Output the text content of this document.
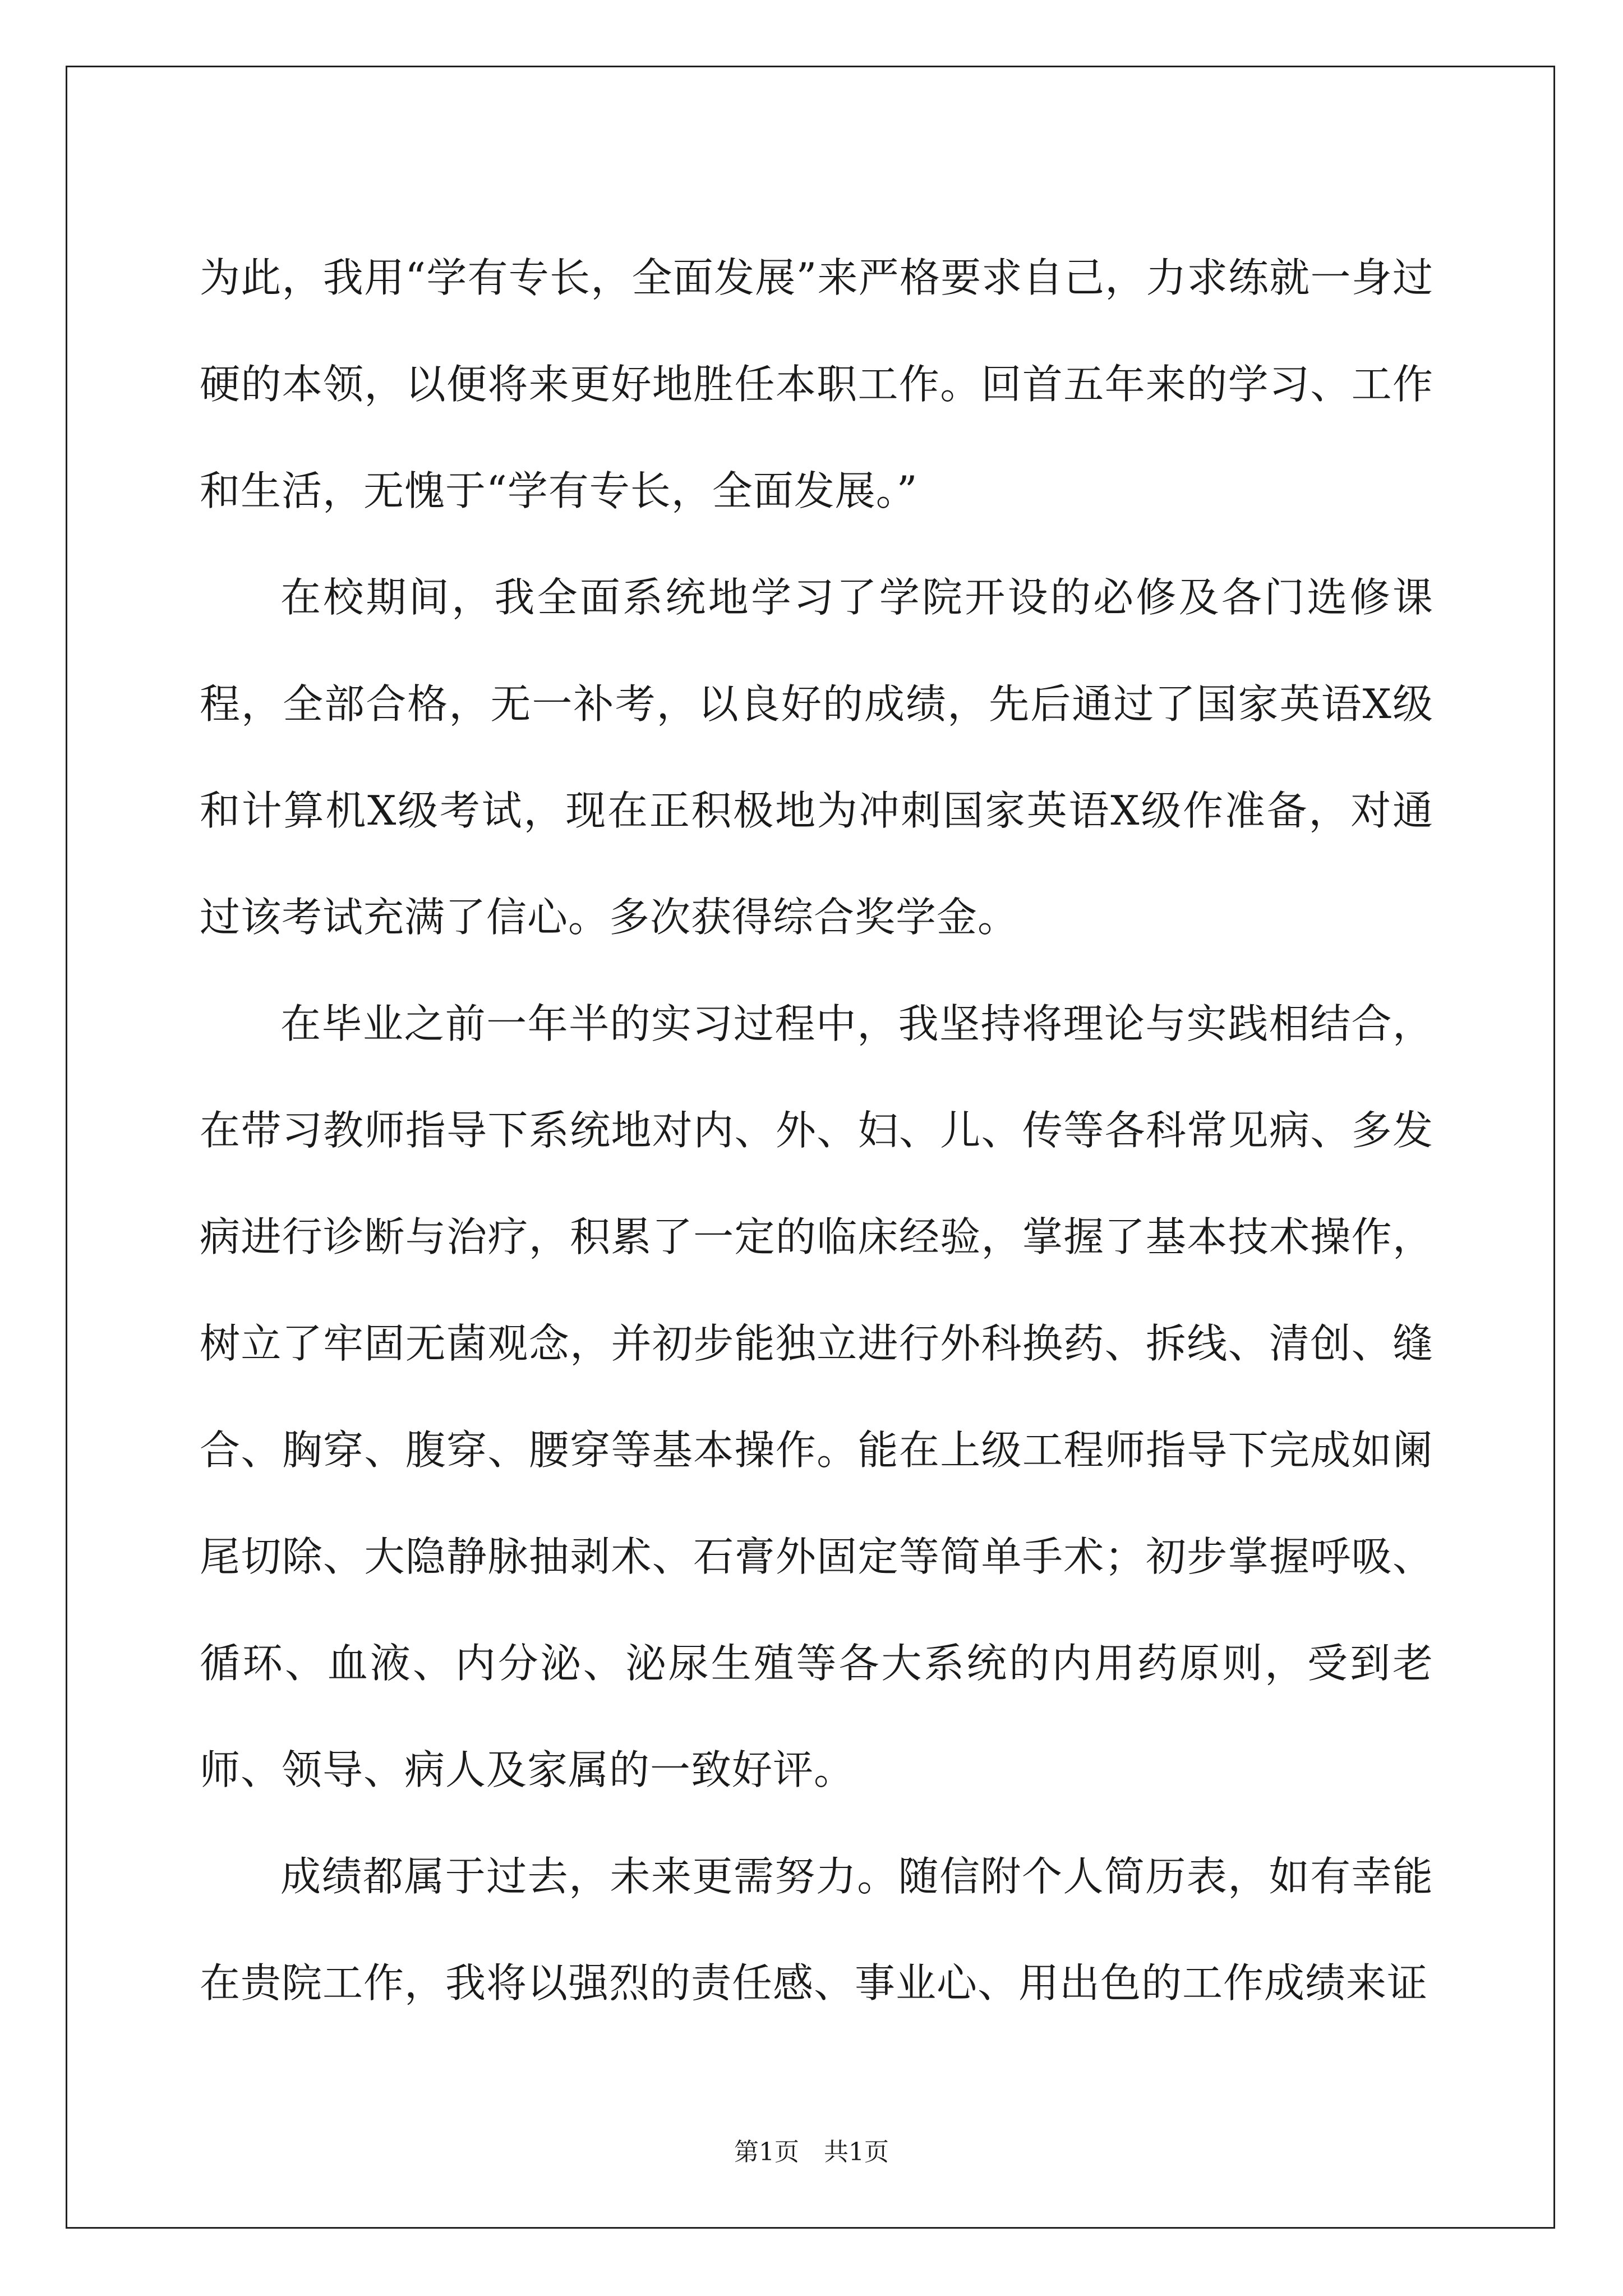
为此，我用“学有专长，全面发展”来严格要求自己，力求练就一身过硬的本领，以便将来更好地胜任本职工作。回首五年来的学习、工作和生活，无愧于“学有专长，全面发展。”

在校期间，我全面系统地学习了学院开设的必修及各门选修课程，全部合格，无一补考，以良好的成绩，先后通过了国家英语X级和计算机X级考试，现在正积极地为冲刺国家英语X级作准备，对通过该考试充满了信心。多次获得综合奖学金。

在毕业之前一年半的实习过程中，我坚持将理论与实践相结合，在带习教师指导下系统地对内、外、妇、儿、传等各科常见病、多发病进行诊断与治疗，积累了一定的临床经验，掌握了基本技术操作，树立了牢固无菌观念，并初步能独立进行外科换药、拆线、清创、缝合、胸穿、腹穿、腰穿等基本操作。能在上级工程师指导下完成如阑尾切除、大隐静脉抽剥术、石膏外固定等简单手术；初步掌握呼吸、循环、血液、内分泌、泌尿生殖等各大系统的内用药原则，受到老师、领导、病人及家属的一致好评。

成绩都属于过去，未来更需努力。随信附个人简历表，如有幸能在贵院工作，我将以强烈的责任感、事业心、用出色的工作成绩来证

第1页　共1页
